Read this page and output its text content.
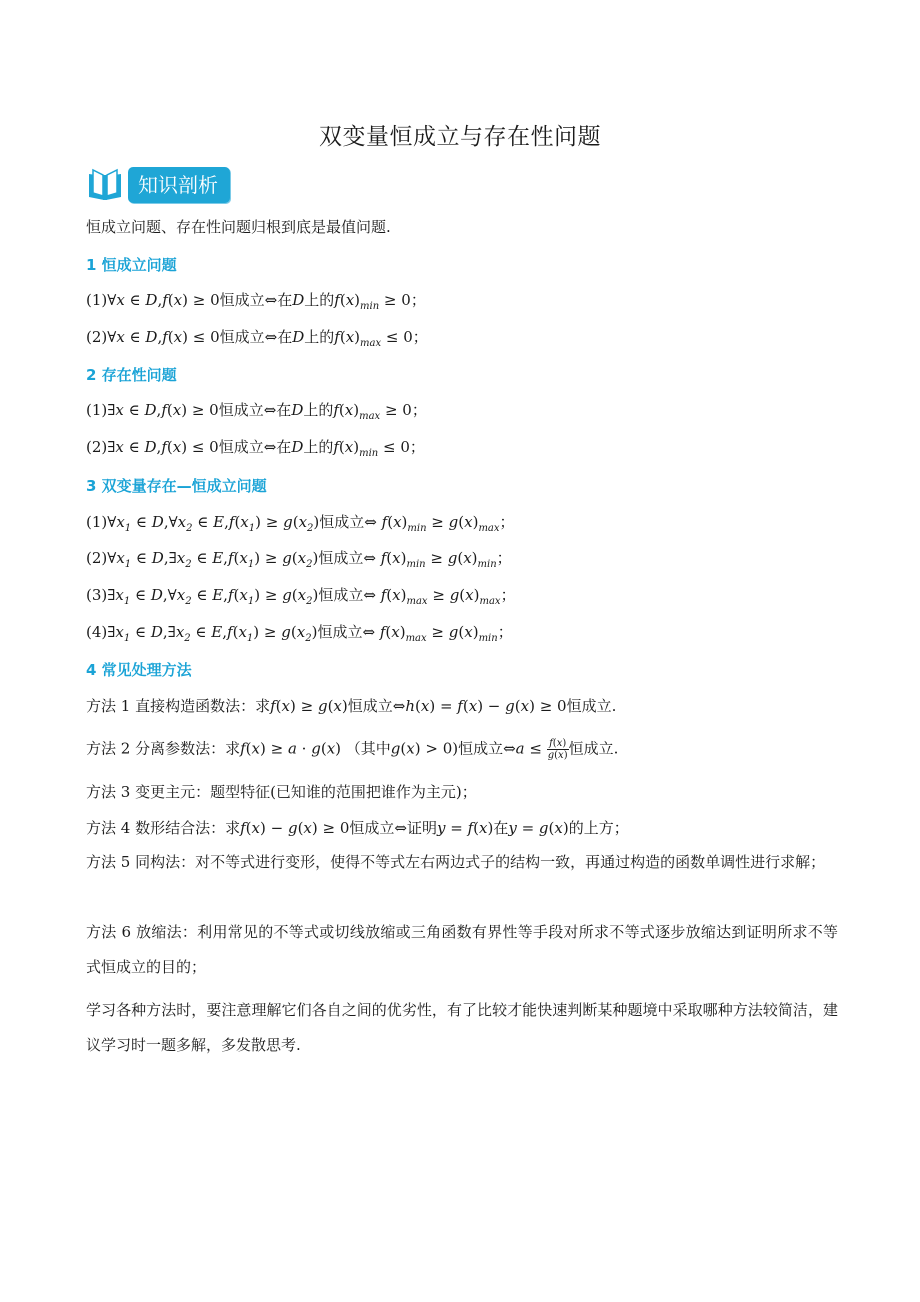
双变量恒成立与存在性问题
知识剖析
恒成立问题、存在性问题归根到底是最值问题.
1 恒成立问题
(1)∀x ∈ D,f(x) ≥ 0恒成立⇔在D上的$f(x)_{min} \ge 0$；
(2)∀x ∈ D,f(x) ≤ 0恒成立⇔在D上的$f(x)_{max} \le 0$；
2 存在性问题
(1)∃x ∈ D,f(x) ≥ 0恒成立⇔在D上的$f(x)_{max} \ge 0$；
(2)∃x ∈ D,f(x) ≤ 0恒成立⇔在D上的$f(x)_{min} \le 0$；
3 双变量存在—恒成立问题
$(1)\forall x_1$ ∈ $D,\forall x_2$ ∈ $E,f(x_1) \ge g(x_2)$恒成立⇔ $f(x)_{min} \ge g(x)_{max}$；
$(2)\forall x_1$ ∈ $D,\exists x_2$ ∈ $E,f(x_1) \ge g(x_2)$恒成立⇔ $f(x)_{min} \ge g(x)_{min}$；
$(3)\exists x_1$ ∈ $D,\forall x_2$ ∈ $E,f(x_1) \ge g(x_2)$恒成立⇔ $f(x)_{max} \ge g(x)_{max}$；
$(4)\exists x_1$ ∈ $D,\exists x_2$ ∈ $E,f(x_1) \ge g(x_2)$恒成立⇔ $f(x)_{max} \ge g(x)_{min}$；
4 常见处理方法
方法 1 直接构造函数法：求f(x) ≥ g(x)恒成立⇔h(x) = f(x) − g(x) ≥ 0恒成立.
方法 2 分离参数法：求f(x) ≥ a · g(x) （其中g(x) > 0)恒成立⇔a ≤ $\frac{f(x)}{g(x)}$ 恒成立.
方法 3 变更主元：题型特征(已知谁的范围把谁作为主元)；
方法 4 数形结合法：求f(x) − g(x) ≥ 0恒成立⇔证明y = f(x)在y = g(x)的上方；
方法 5 同构法：对不等式进行变形，使得不等式左右两边式子的结构一致，再通过构造的函数单调性进行求解；
方法 6 放缩法：利用常见的不等式或切线放缩或三角函数有界性等手段对所求不等式逐步放缩达到证明所求不等式恒成立的目的；
学习各种方法时，要注意理解它们各自之间的优劣性，有了比较才能快速判断某种题境中采取哪种方法较简洁，建议学习时一题多解，多发散思考.
